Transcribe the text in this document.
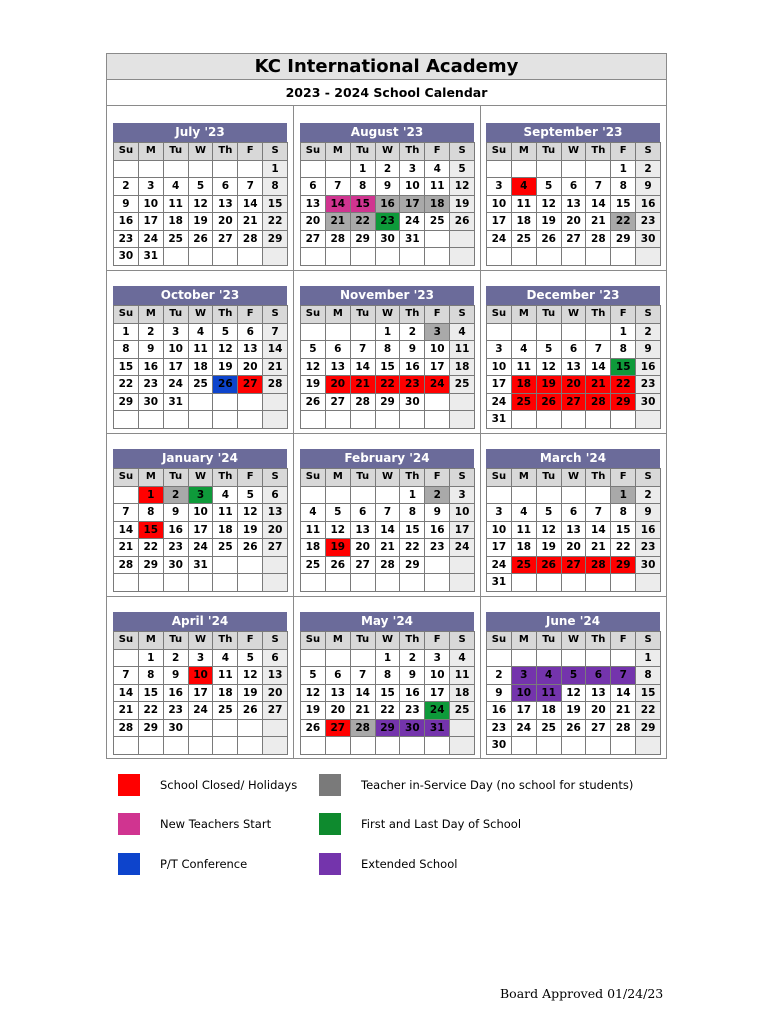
KC International Academy
2023 - 2024 School Calendar
July '23
Su	M	Tu	W	Th	F	S
						1
2	3	4	5	6	7	8
9	10	11	12	13	14	15
16	17	18	19	20	21	22
23	24	25	26	27	28	29
30	31					
August '23
Su	M	Tu	W	Th	F	S
		1	2	3	4	5
6	7	8	9	10	11	12
13	14	15	16	17	18	19
20	21	22	23	24	25	26
27	28	29	30	31		

September '23
Su	M	Tu	W	Th	F	S
					1	2
3	4	5	6	7	8	9
10	11	12	13	14	15	16
17	18	19	20	21	22	23
24	25	26	27	28	29	30

October '23
Su	M	Tu	W	Th	F	S
1	2	3	4	5	6	7
8	9	10	11	12	13	14
15	16	17	18	19	20	21
22	23	24	25	26	27	28
29	30	31				

November '23
Su	M	Tu	W	Th	F	S
			1	2	3	4
5	6	7	8	9	10	11
12	13	14	15	16	17	18
19	20	21	22	23	24	25
26	27	28	29	30		

December '23
Su	M	Tu	W	Th	F	S
					1	2
3	4	5	6	7	8	9
10	11	12	13	14	15	16
17	18	19	20	21	22	23
24	25	26	27	28	29	30
31						
January '24
Su	M	Tu	W	Th	F	S
	1	2	3	4	5	6
7	8	9	10	11	12	13
14	15	16	17	18	19	20
21	22	23	24	25	26	27
28	29	30	31			

February '24
Su	M	Tu	W	Th	F	S
				1	2	3
4	5	6	7	8	9	10
11	12	13	14	15	16	17
18	19	20	21	22	23	24
25	26	27	28	29		

March '24
Su	M	Tu	W	Th	F	S
					1	2
3	4	5	6	7	8	9
10	11	12	13	14	15	16
17	18	19	20	21	22	23
24	25	26	27	28	29	30
31						
April '24
Su	M	Tu	W	Th	F	S
	1	2	3	4	5	6
7	8	9	10	11	12	13
14	15	16	17	18	19	20
21	22	23	24	25	26	27
28	29	30				

May '24
Su	M	Tu	W	Th	F	S
			1	2	3	4
5	6	7	8	9	10	11
12	13	14	15	16	17	18
19	20	21	22	23	24	25
26	27	28	29	30	31	

June '24
Su	M	Tu	W	Th	F	S
						1
2	3	4	5	6	7	8
9	10	11	12	13	14	15
16	17	18	19	20	21	22
23	24	25	26	27	28	29
30						
School Closed/ Holidays	Teacher in-Service Day (no school for students)
New Teachers Start	First and Last Day of School
P/T Conference	Extended School
Board Approved 01/24/23
